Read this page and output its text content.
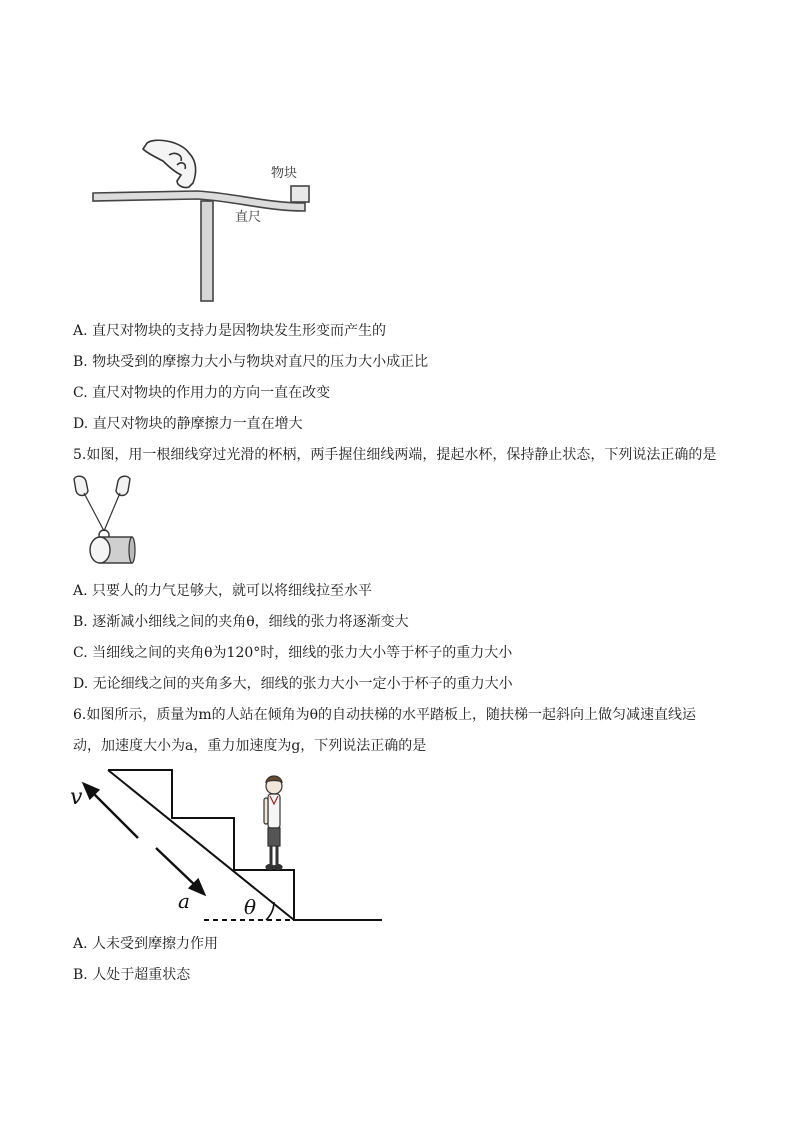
物块
直尺
A. 直尺对物块的支持力是因物块发生形变而产生的
B. 物块受到的摩擦力大小与物块对直尺的压力大小成正比
C. 直尺对物块的作用力的方向一直在改变
D. 直尺对物块的静摩擦力一直在增大
5.如图，用一根细线穿过光滑的杯柄，两手握住细线两端，提起水杯，保持静止状态，下列说法正确的是
A. 只要人的力气足够大，就可以将细线拉至水平
B. 逐渐减小细线之间的夹角θ，细线的张力将逐渐变大
C. 当细线之间的夹角θ为120°时，细线的张力大小等于杯子的重力大小
D. 无论细线之间的夹角多大，细线的张力大小一定小于杯子的重力大小
6.如图所示，质量为m的人站在倾角为θ的自动扶梯的水平踏板上，随扶梯一起斜向上做匀减速直线运
动，加速度大小为a，重力加速度为g，下列说法正确的是
θ
v
a
A. 人未受到摩擦力作用
B. 人处于超重状态
